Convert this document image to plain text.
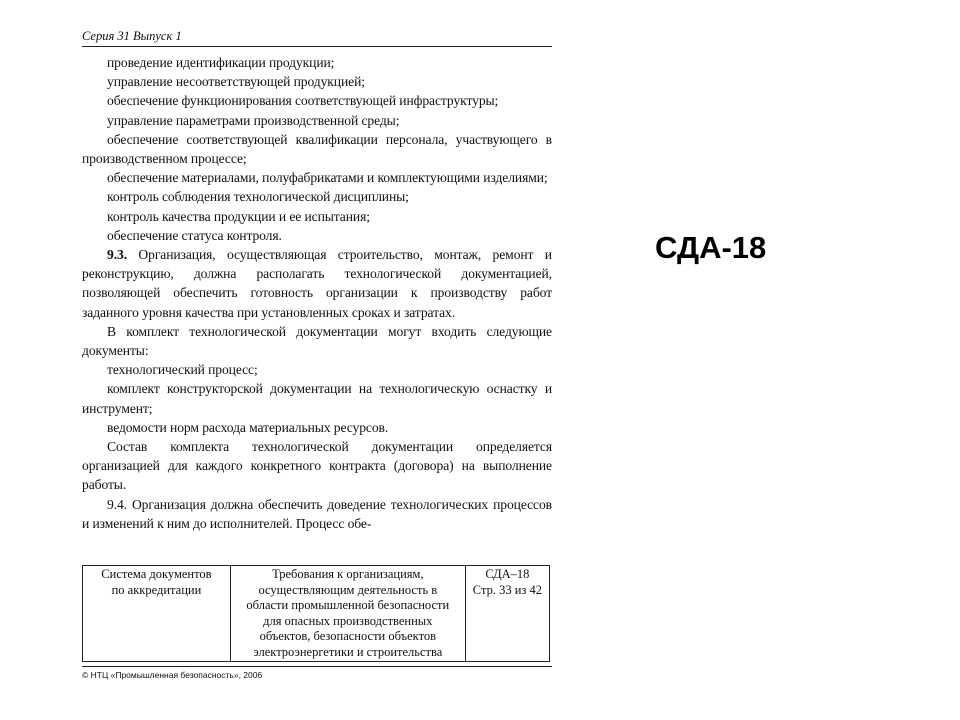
Серия 31 Выпуск 1

проведение идентификации продукции;

управление несоответствующей продукцией;

обеспечение функционирования соответствующей инфраструктуры;

управление параметрами производственной среды;

обеспечение соответствующей квалификации персонала, участвующего в производственном процессе;

обеспечение материалами, полуфабрикатами и комплектующими изделиями;

контроль соблюдения технологической дисциплины;

контроль качества продукции и ее испытания;

обеспечение статуса контроля.

9.3. Организация, осуществляющая строительство, монтаж, ремонт и реконструкцию, должна располагать технологической документацией, позволяющей обеспечить готовность организации к производству работ заданного уровня качества при установленных сроках и затратах.

В комплект технологической документации могут входить следующие документы:

технологический процесс;

комплект конструкторской документации на технологическую оснастку и инструмент;

ведомости норм расхода материальных ресурсов.

Состав комплекта технологической документации определяется организацией для каждого конкретного контракта (договора) на выполнение работы.

9.4. Организация должна обеспечить доведение технологических процессов и изменений к ним до исполнителей. Процесс обе-

Система документов
по аккредитации

Требования к организациям,
осуществляющим деятельность в
области промышленной безопасности
для опасных производственных
объектов, безопасности объектов
электроэнергетики и строительства

СДА–18
Стр. 33 из 42
© НТЦ «Промышленная безопасность», 2006
СДА-18
